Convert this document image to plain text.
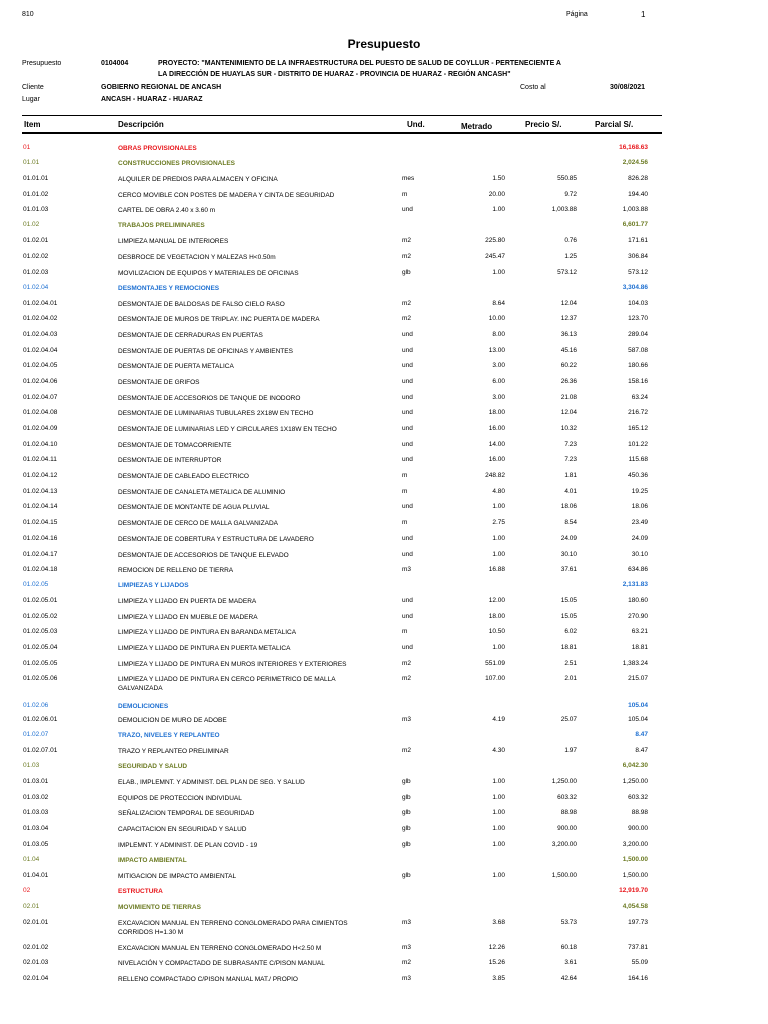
810	Página	1
Presupuesto
Presupuesto	0104004	PROYECTO: "MANTENIMIENTO DE LA INFRAESTRUCTURA DEL PUESTO DE SALUD DE COYLLUR - PERTENECIENTE A
LA DIRECCIÓN DE HUAYLAS SUR - DISTRITO DE HUARAZ - PROVINCIA DE HUARAZ - REGIÓN ANCASH"
Cliente	GOBIERNO REGIONAL DE ANCASH	Costo al	30/08/2021
Lugar	ANCASH - HUARAZ - HUARAZ
Item	Descripción	Und.	Metrado	Precio S/.	Parcial S/.
01	OBRAS PROVISIONALES	16,168.63
01.01	CONSTRUCCIONES PROVISIONALES	2,024.56
01.01.01	ALQUILER DE PREDIOS PARA ALMACEN Y OFICINA	mes	1.50	550.85	826.28
01.01.02	CERCO MOVIBLE CON POSTES DE MADERA Y CINTA DE SEGURIDAD	m	20.00	9.72	194.40
01.01.03	CARTEL DE OBRA 2.40 x 3.60 m	und	1.00	1,003.88	1,003.88
01.02	TRABAJOS PRELIMINARES	6,601.77
01.02.01	LIMPIEZA MANUAL DE INTERIORES	m2	225.80	0.76	171.61
01.02.02	DESBROCE DE VEGETACION Y MALEZAS H<0.50m	m2	245.47	1.25	306.84
01.02.03	MOVILIZACION DE EQUIPOS Y MATERIALES DE OFICINAS	glb	1.00	573.12	573.12
01.02.04	DESMONTAJES Y REMOCIONES	3,304.86
01.02.04.01	DESMONTAJE DE BALDOSAS DE FALSO CIELO RASO	m2	8.64	12.04	104.03
01.02.04.02	DESMONTAJE DE MUROS DE TRIPLAY. INC PUERTA DE MADERA	m2	10.00	12.37	123.70
01.02.04.03	DESMONTAJE DE CERRADURAS EN PUERTAS	und	8.00	36.13	289.04
01.02.04.04	DESMONTAJE DE PUERTAS DE OFICINAS Y AMBIENTES	und	13.00	45.16	587.08
01.02.04.05	DESMONTAJE DE PUERTA METALICA	und	3.00	60.22	180.66
01.02.04.06	DESMONTAJE DE GRIFOS	und	6.00	26.36	158.16
01.02.04.07	DESMONTAJE DE ACCESORIOS DE TANQUE DE INODORO	und	3.00	21.08	63.24
01.02.04.08	DESMONTAJE DE LUMINARIAS TUBULARES 2X18W EN TECHO	und	18.00	12.04	216.72
01.02.04.09	DESMONTAJE DE LUMINARIAS LED Y CIRCULARES 1X18W EN TECHO	und	16.00	10.32	165.12
01.02.04.10	DESMONTAJE DE TOMACORRIENTE	und	14.00	7.23	101.22
01.02.04.11	DESMONTAJE DE INTERRUPTOR	und	16.00	7.23	115.68
01.02.04.12	DESMONTAJE DE CABLEADO ELECTRICO	m	248.82	1.81	450.36
01.02.04.13	DESMONTAJE DE CANALETA METALICA DE ALUMINIO	m	4.80	4.01	19.25
01.02.04.14	DESMONTAJE DE MONTANTE DE AGUA PLUVIAL	und	1.00	18.06	18.06
01.02.04.15	DESMONTAJE DE CERCO DE MALLA GALVANIZADA	m	2.75	8.54	23.49
01.02.04.16	DESMONTAJE DE COBERTURA Y ESTRUCTURA DE LAVADERO	und	1.00	24.09	24.09
01.02.04.17	DESMONTAJE DE ACCESORIOS DE TANQUE ELEVADO	und	1.00	30.10	30.10
01.02.04.18	REMOCION DE RELLENO DE TIERRA	m3	16.88	37.61	634.86
01.02.05	LIMPIEZAS Y LIJADOS	2,131.83
01.02.05.01	LIMPIEZA Y LIJADO EN PUERTA DE MADERA	und	12.00	15.05	180.60
01.02.05.02	LIMPIEZA Y LIJADO EN MUEBLE DE MADERA	und	18.00	15.05	270.90
01.02.05.03	LIMPIEZA Y LIJADO DE PINTURA EN BARANDA METALICA	m	10.50	6.02	63.21
01.02.05.04	LIMPIEZA Y LIJADO DE PINTURA EN PUERTA METALICA	und	1.00	18.81	18.81
01.02.05.05	LIMPIEZA Y LIJADO DE PINTURA EN MUROS INTERIORES Y EXTERIORES	m2	551.09	2.51	1,383.24
01.02.05.06	LIMPIEZA Y LIJADO DE PINTURA EN CERCO PERIMETRICO DE MALLA GALVANIZADA
m2	107.00	2.01	215.07
01.02.06	DEMOLICIONES	105.04
01.02.06.01	DEMOLICION DE MURO DE ADOBE	m3	4.19	25.07	105.04
01.02.07	TRAZO, NIVELES Y REPLANTEO	8.47
01.02.07.01	TRAZO Y REPLANTEO PRELIMINAR	m2	4.30	1.97	8.47
01.03	SEGURIDAD Y SALUD	6,042.30
01.03.01	ELAB., IMPLEMNT. Y ADMINIST. DEL PLAN DE SEG. Y SALUD	glb	1.00	1,250.00	1,250.00
01.03.02	EQUIPOS DE PROTECCION INDIVIDUAL	glb	1.00	603.32	603.32
01.03.03	SEÑALIZACION TEMPORAL DE SEGURIDAD	glb	1.00	88.98	88.98
01.03.04	CAPACITACION EN SEGURIDAD Y SALUD	glb	1.00	900.00	900.00
01.03.05	IMPLEMNT. Y ADMINIST. DE PLAN COVID - 19	glb	1.00	3,200.00	3,200.00
01.04	IMPACTO AMBIENTAL	1,500.00
01.04.01	MITIGACION DE IMPACTO AMBIENTAL	glb	1.00	1,500.00	1,500.00
02	ESTRUCTURA	12,919.70
02.01	MOVIMIENTO DE TIERRAS	4,054.58
02.01.01	EXCAVACION MANUAL EN TERRENO CONGLOMERADO PARA CIMIENTOS CORRIDOS H=1.30 M
m3	3.68	53.73	197.73
02.01.02	EXCAVACION MANUAL EN TERRENO CONGLOMERADO H<2.50 M	m3	12.26	60.18	737.81
02.01.03	NIVELACIÓN Y COMPACTADO DE SUBRASANTE C/PISON MANUAL	m2	15.26	3.61	55.09
02.01.04	RELLENO COMPACTADO C/PISON MANUAL MAT./ PROPIO	m3	3.85	42.64	164.16
